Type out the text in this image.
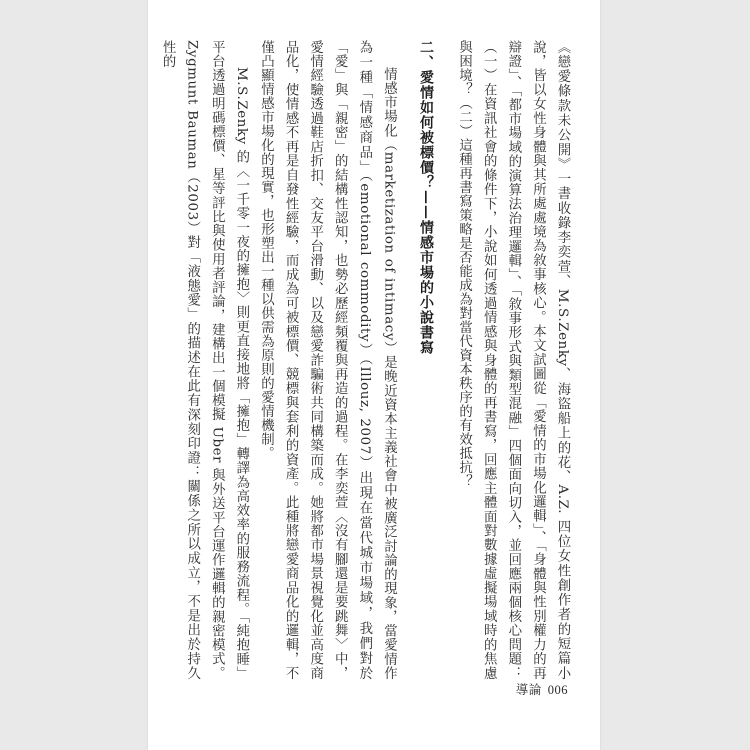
《戀愛條款未公開》一書收錄李奕萱、M.S.Zenky、海盜船上的花、A.Z. 四位女性創作者的短篇小說，皆以女性身體與其所處處境為敘事核心。本文試圖從「愛情的市場化邏輯」、「身體與性別權力的再辯證」、「都市場域的演算法治理邏輯」、「敘事形式與類型混融」四個面向切入，並回應兩個核心問題：（一）在資訊社會的條件下，小說如何透過情感與身體的再書寫，回應主體面對數據虛擬場域時的焦慮與困境？（二）這種再書寫策略是否能成為對當代資本秩序的有效抵抗？

二、愛情如何被標價？——情感市場的小說書寫

情感市場化（marketization of intimacy）是晚近資本主義社會中被廣泛討論的現象，當愛情作為一種「情感商品」（emotional commodity）（Illouz, 2007）出現在當代城市場域，我們對於「愛」與「親密」的結構性認知，也勢必歷經頻覆與再造的過程。在李奕萱〈沒有腳還是要跳舞〉中，愛情經驗透過鞋店折扣、交友平台滑動、以及戀愛詐騙術共同構築而成。她將都市場景視覺化並高度商品化，使情感不再是自發性經驗，而成為可被標價、競標與套利的資產。此種將戀愛商品化的邏輯，不僅凸顯情感市場化的現實，也形塑出一種以供需為原則的愛情機制。

M.S.Zenky 的〈一千零一夜的擁抱〉則更直接地將「擁抱」轉譯為高效率的服務流程。「純抱睡」平台透過明碼標價、星等評比與使用者評論，建構出一個模擬 Uber 與外送平台運作邏輯的親密模式。Zygmunt Bauman（2003）對「液態愛」的描述在此有深刻印證：關係之所以成立，不是出於持久性的

導論 006
